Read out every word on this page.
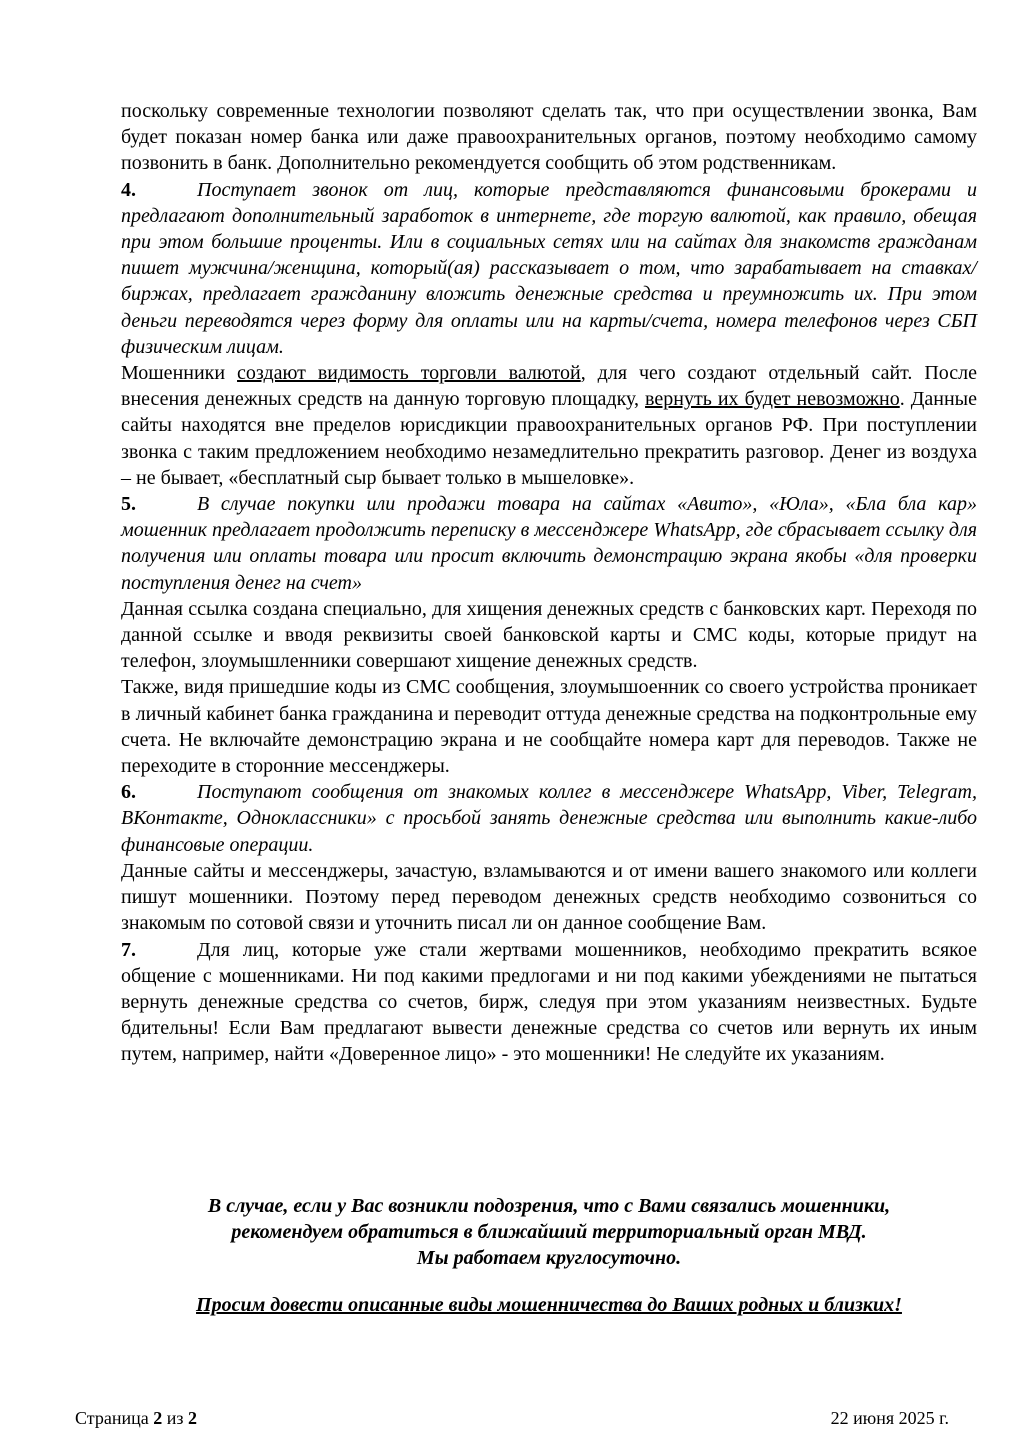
поскольку современные технологии позволяют сделать так, что при осуществлении звонка, Вам будет показан номер банка или даже правоохранительных органов, поэтому необходимо самому позвонить в банк. Дополнительно рекомендуется сообщить об этом родственникам.

4.	Поступает звонок от лиц, которые представляются финансовыми брокерами и предлагают дополнительный заработок в интернете, где торгую валютой, как правило, обещая при этом большие проценты. Или в социальных сетях или на сайтах для знакомств гражданам пишет мужчина/женщина, который(ая) рассказывает о том, что зарабатывает на ставках/биржах, предлагает гражданину вложить денежные средства и преумножить их. При этом деньги переводятся через форму для оплаты или на карты/счета, номера телефонов через СБП физическим лицам.

Мошенники создают видимость торговли валютой, для чего создают отдельный сайт. После внесения денежных средств на данную торговую площадку, вернуть их будет невозможно. Данные сайты находятся вне пределов юрисдикции правоохранительных органов РФ. При поступлении звонка с таким предложением необходимо незамедлительно прекратить разговор. Денег из воздуха – не бывает, «бесплатный сыр бывает только в мышеловке».

5.	В случае покупки или продажи товара на сайтах «Авито», «Юла», «Бла бла кар» мошенник предлагает продолжить переписку в мессенджере WhatsApp, где сбрасывает ссылку для получения или оплаты товара или просит включить демонстрацию экрана якобы «для проверки поступления денег на счет»

Данная ссылка создана специально, для хищения денежных средств с банковских карт. Переходя по данной ссылке и вводя реквизиты своей банковской карты и СМС коды, которые придут на телефон, злоумышленники совершают хищение денежных средств.

Также, видя пришедшие коды из СМС сообщения, злоумышоенник со своего устройства проникает в личный кабинет банка гражданина и переводит оттуда денежные средства на подконтрольные ему счета. Не включайте демонстрацию экрана и не сообщайте номера карт для переводов. Также не переходите в сторонние мессенджеры.

6.	Поступают сообщения от знакомых коллег в мессенджере WhatsApp, Viber, Telegram, ВКонтакте, Одноклассники» с просьбой занять денежные средства или выполнить какие-либо финансовые операции.

Данные сайты и мессенджеры, зачастую, взламываются и от имени вашего знакомого или коллеги пишут мошенники. Поэтому перед переводом денежных средств необходимо созвониться со знакомым по сотовой связи и уточнить писал ли он данное сообщение Вам.

7.	Для лиц, которые уже стали жертвами мошенников, необходимо прекратить всякое общение с мошенниками. Ни под какими предлогами и ни под какими убеждениями не пытаться вернуть денежные средства со счетов, бирж, следуя при этом указаниям неизвестных. Будьте бдительны! Если Вам предлагают вывести денежные средства со счетов или вернуть их иным путем, например, найти «Доверенное лицо» - это мошенники! Не следуйте их указаниям.

В случае, если у Вас возникли подозрения, что с Вами связались мошенники,
рекомендуем обратиться в ближайший территориальный орган МВД.
Мы работаем круглосуточно.
Просим довести описанные виды мошенничества до Ваших родных и близких!
Страница 2 из 2	22 июня 2025 г.
